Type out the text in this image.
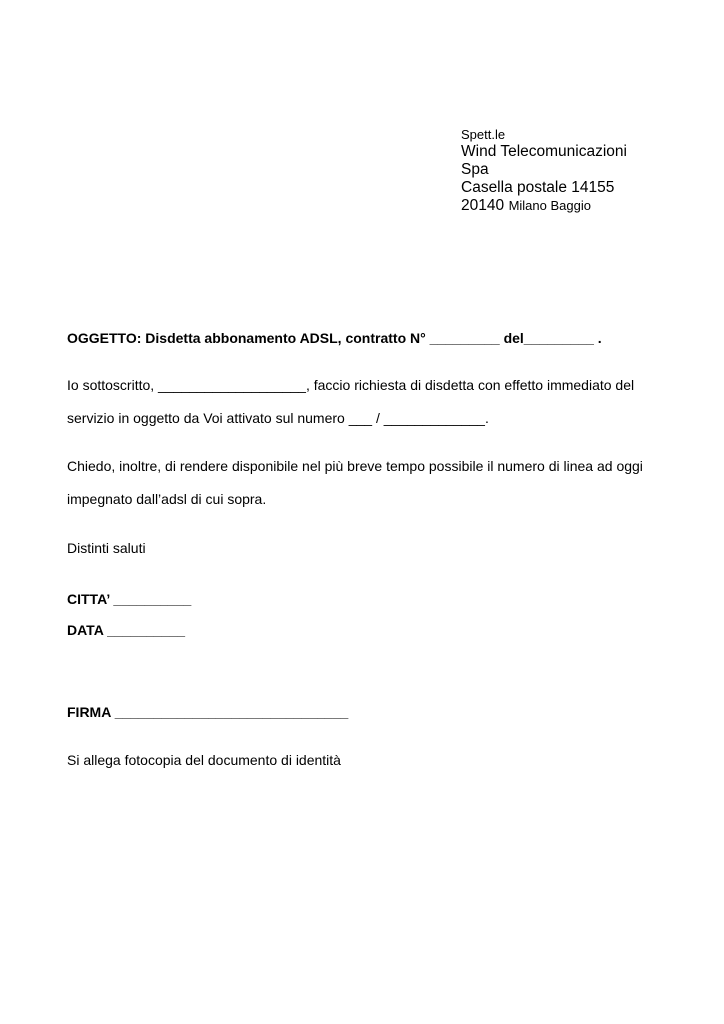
Spett.le
Wind Telecomunicazioni
Spa
Casella postale 14155
20140 Milano Baggio
OGGETTO: Disdetta abbonamento ADSL, contratto N° _________ del_________ .
Io sottoscritto, ___________________, faccio richiesta di disdetta con effetto immediato del
servizio in oggetto da Voi attivato sul numero ___ / _____________.
Chiedo, inoltre, di rendere disponibile nel più breve tempo possibile il numero di linea ad oggi
impegnato dall’adsl di cui sopra.
Distinti saluti
CITTA’ __________
DATA __________
FIRMA ______________________________
Si allega fotocopia del documento di identità
